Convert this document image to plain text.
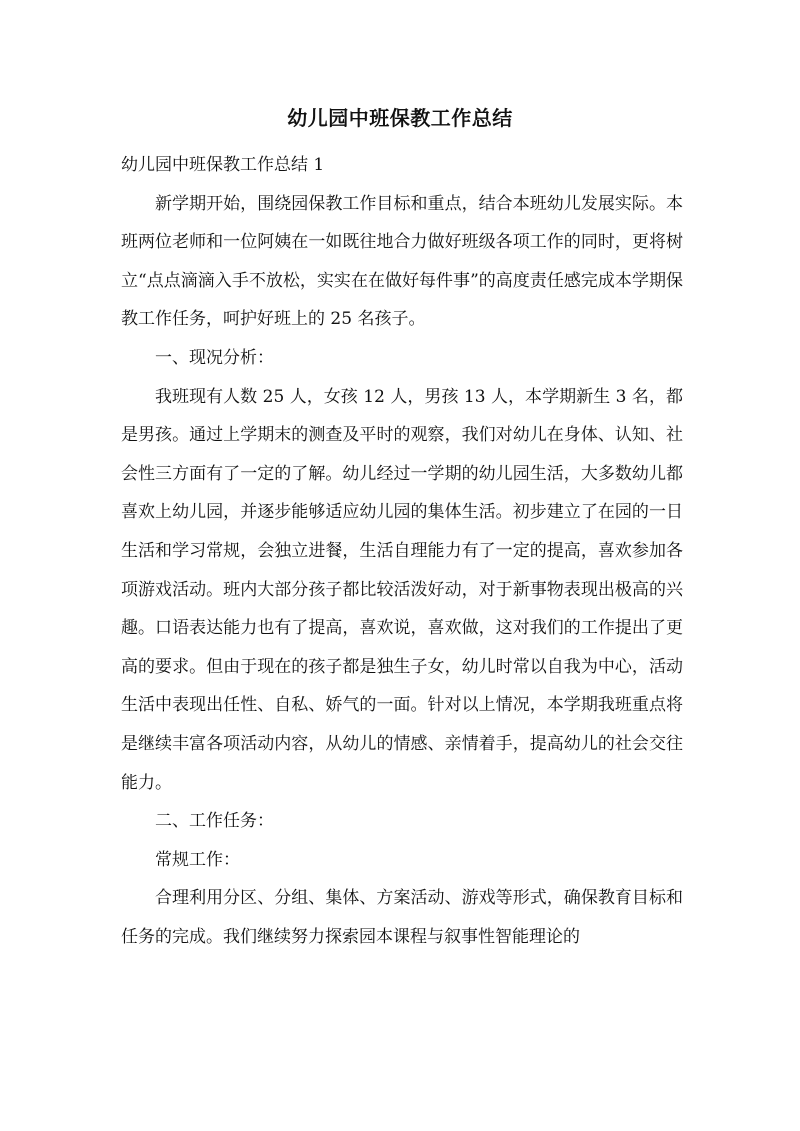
幼儿园中班保教工作总结

幼儿园中班保教工作总结 1

新学期开始，围绕园保教工作目标和重点，结合本班幼儿发展实际。本班两位老师和一位阿姨在一如既往地合力做好班级各项工作的同时，更将树立“点点滴滴入手不放松，实实在在做好每件事”的高度责任感完成本学期保教工作任务，呵护好班上的 25 名孩子。

一、现况分析：

我班现有人数 25 人，女孩 12 人，男孩 13 人，本学期新生 3 名，都是男孩。通过上学期末的测查及平时的观察，我们对幼儿在身体、认知、社会性三方面有了一定的了解。幼儿经过一学期的幼儿园生活，大多数幼儿都喜欢上幼儿园，并逐步能够适应幼儿园的集体生活。初步建立了在园的一日生活和学习常规，会独立进餐，生活自理能力有了一定的提高，喜欢参加各项游戏活动。班内大部分孩子都比较活泼好动，对于新事物表现出极高的兴趣。口语表达能力也有了提高，喜欢说，喜欢做，这对我们的工作提出了更高的要求。但由于现在的孩子都是独生子女，幼儿时常以自我为中心，活动生活中表现出任性、自私、娇气的一面。针对以上情况，本学期我班重点将是继续丰富各项活动内容，从幼儿的情感、亲情着手，提高幼儿的社会交往能力。

二、工作任务：

常规工作：

合理利用分区、分组、集体、方案活动、游戏等形式，确保教育目标和任务的完成。我们继续努力探索园本课程与叙事性智能理论的
